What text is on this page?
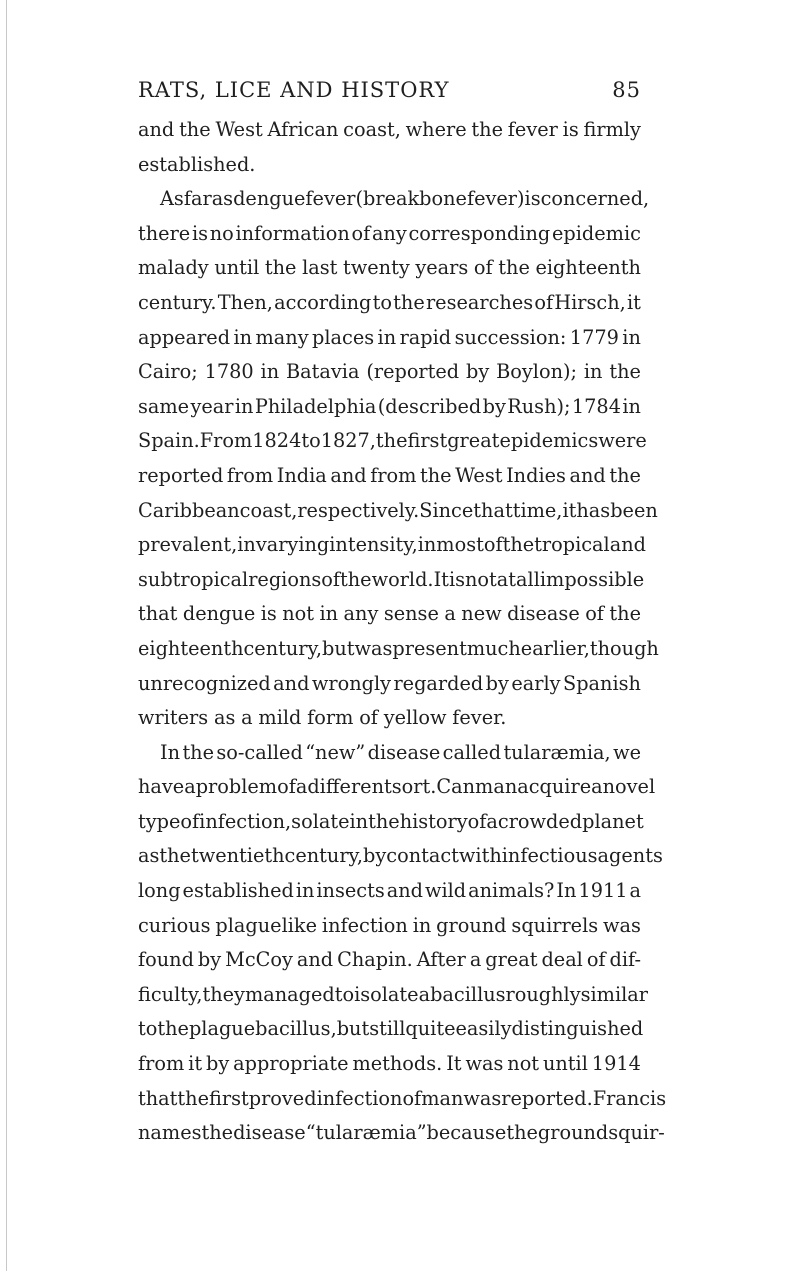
RATS, LICE AND HISTORY	85
and the West African coast, where the fever is firmly
established.
As far as dengue fever (breakbone fever) is concerned,
there is no information of any corresponding epidemic
malady until the last twenty years of the eighteenth
century. Then, according to the researches of Hirsch, it
appeared in many places in rapid succession: 1779 in
Cairo; 1780 in Batavia (reported by Boylon); in the
same year in Philadelphia (described by Rush); 1784 in
Spain. From 1824 to 1827, the first great epidemics were
reported from India and from the West Indies and the
Caribbean coast, respectively. Since that time, it has been
prevalent, in varying intensity, in most of the tropical and
subtropical regions of the world. It is not at all impossible
that dengue is not in any sense a new disease of the
eighteenth century, but was present much earlier, though
unrecognized and wrongly regarded by early Spanish
writers as a mild form of yellow fever.
In the so-called “new” disease called tularæmia, we
have a problem of a different sort. Can man acquire a novel
type of infection, so late in the history of a crowded planet
as the twentieth century, by contact with infectious agents
long established in insects and wild animals? In 1911 a
curious plaguelike infection in ground squirrels was
found by McCoy and Chapin. After a great deal of dif-
ficulty, they managed to isolate a bacillus roughly similar
to the plague bacillus, but still quite easily distinguished
from it by appropriate methods. It was not until 1914
that the first proved infection of man was reported. Francis
names the disease “tularæmia” because the ground squir-
